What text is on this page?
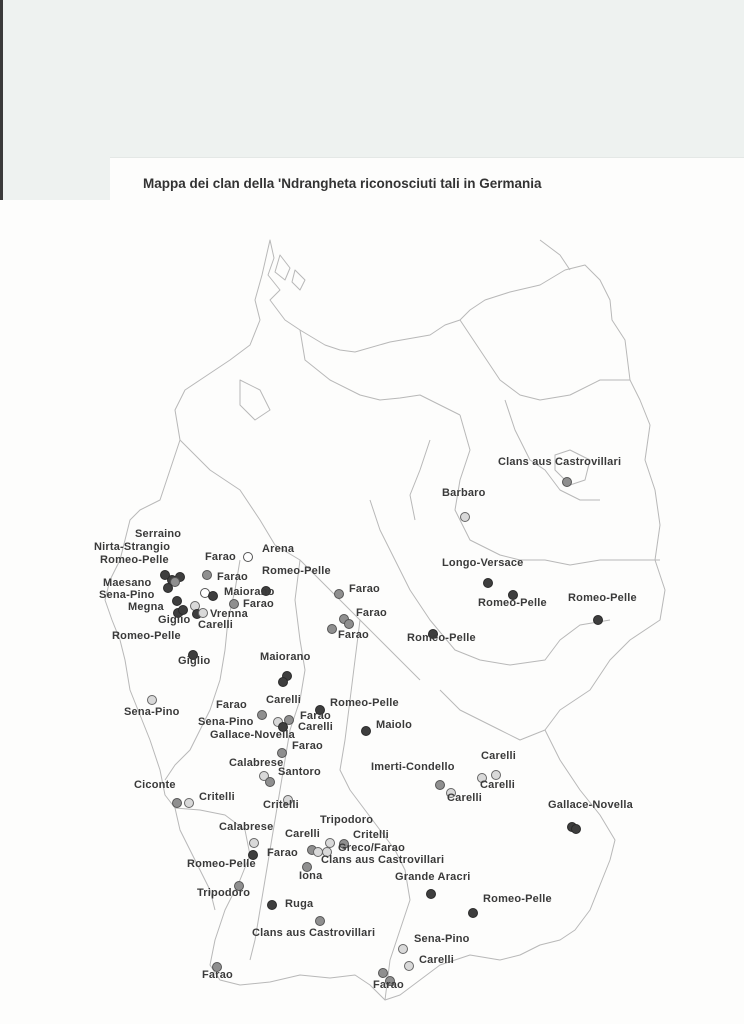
Mappa dei clan della 'Ndrangheta riconosciuti tali in Germania
Serraino
Nirta-Strangio
Romeo-Pelle
Maesano
Sena-Pino
Megna
Giglio
Romeo-Pelle
Giglio
Farao
Arena
Farao
Maiorano
Farao
Vrenna
Carelli
Romeo-Pelle
Farao
Farao
Farao
Maiorano
Sena-Pino
Farao Carelli	Romeo-Pelle
Farao
Sena-Pino	Carelli
Gallace-Novella
Maiolo
Farao
Calabrese
Santoro
Critelli
Ciconte
Critelli
Imerti-Condello
Carelli
Carelli
Carelli
Gallace-Novella
Calabrese
Tripodoro
Carelli	Critelli
Farao	Greco/Farao
Clans aus Castrovillari
Romeo-Pelle
Iona	Grande Aracri
Tripodoro
Ruga	Romeo-Pelle
Clans aus Castrovillari	Sena-Pino
Carelli
Farao
Farao
Clans aus Castrovillari
Barbaro
Longo-Versace
Romeo-Pelle Romeo-Pelle
Romeo-Pelle
